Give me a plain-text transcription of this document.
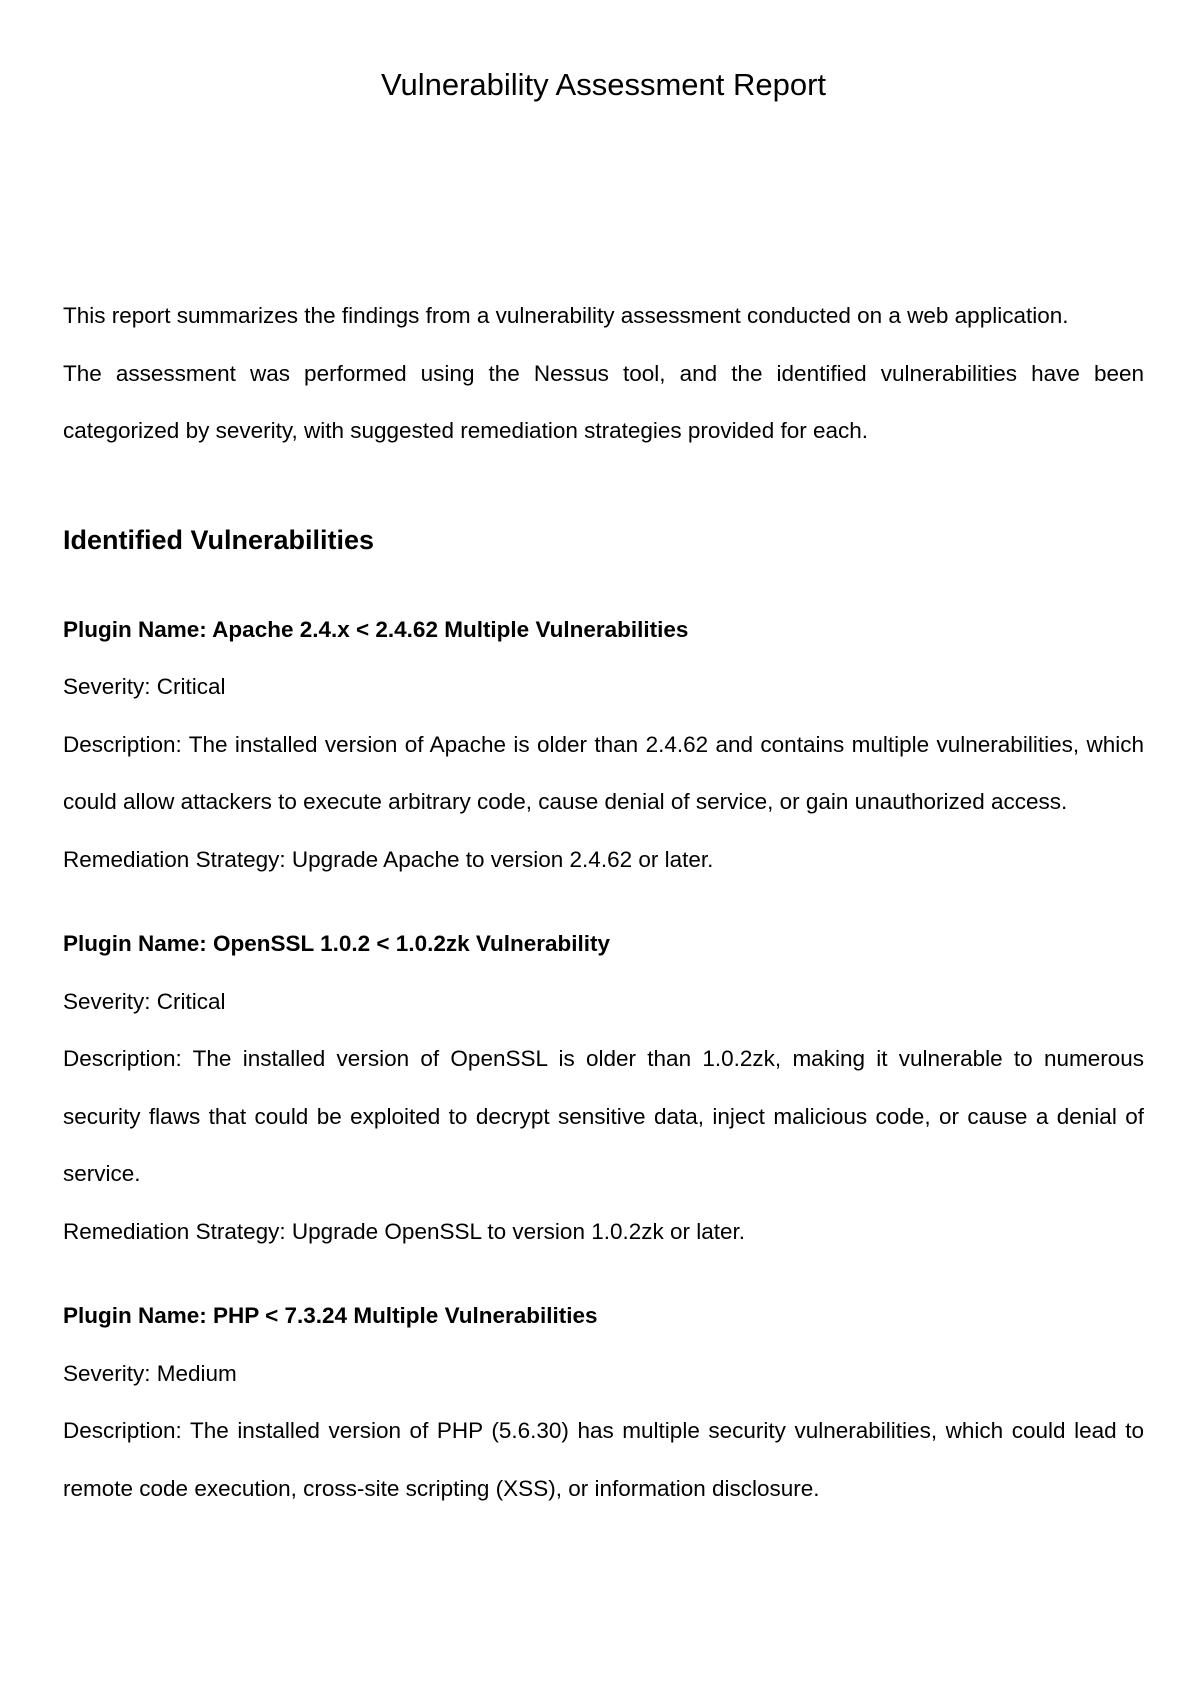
Vulnerability Assessment Report

This report summarizes the findings from a vulnerability assessment conducted on a web application.

The assessment was performed using the Nessus tool, and the identified vulnerabilities have been categorized by severity, with suggested remediation strategies provided for each.

Identified Vulnerabilities

Plugin Name: Apache 2.4.x < 2.4.62 Multiple Vulnerabilities

Severity: Critical

Description: The installed version of Apache is older than 2.4.62 and contains multiple vulnerabilities, which could allow attackers to execute arbitrary code, cause denial of service, or gain unauthorized access.

Remediation Strategy: Upgrade Apache to version 2.4.62 or later.

Plugin Name: OpenSSL 1.0.2 < 1.0.2zk Vulnerability

Severity: Critical

Description: The installed version of OpenSSL is older than 1.0.2zk, making it vulnerable to numerous security flaws that could be exploited to decrypt sensitive data, inject malicious code, or cause a denial of service.

Remediation Strategy: Upgrade OpenSSL to version 1.0.2zk or later.

Plugin Name: PHP < 7.3.24 Multiple Vulnerabilities

Severity: Medium

Description: The installed version of PHP (5.6.30) has multiple security vulnerabilities, which could lead to remote code execution, cross-site scripting (XSS), or information disclosure.
